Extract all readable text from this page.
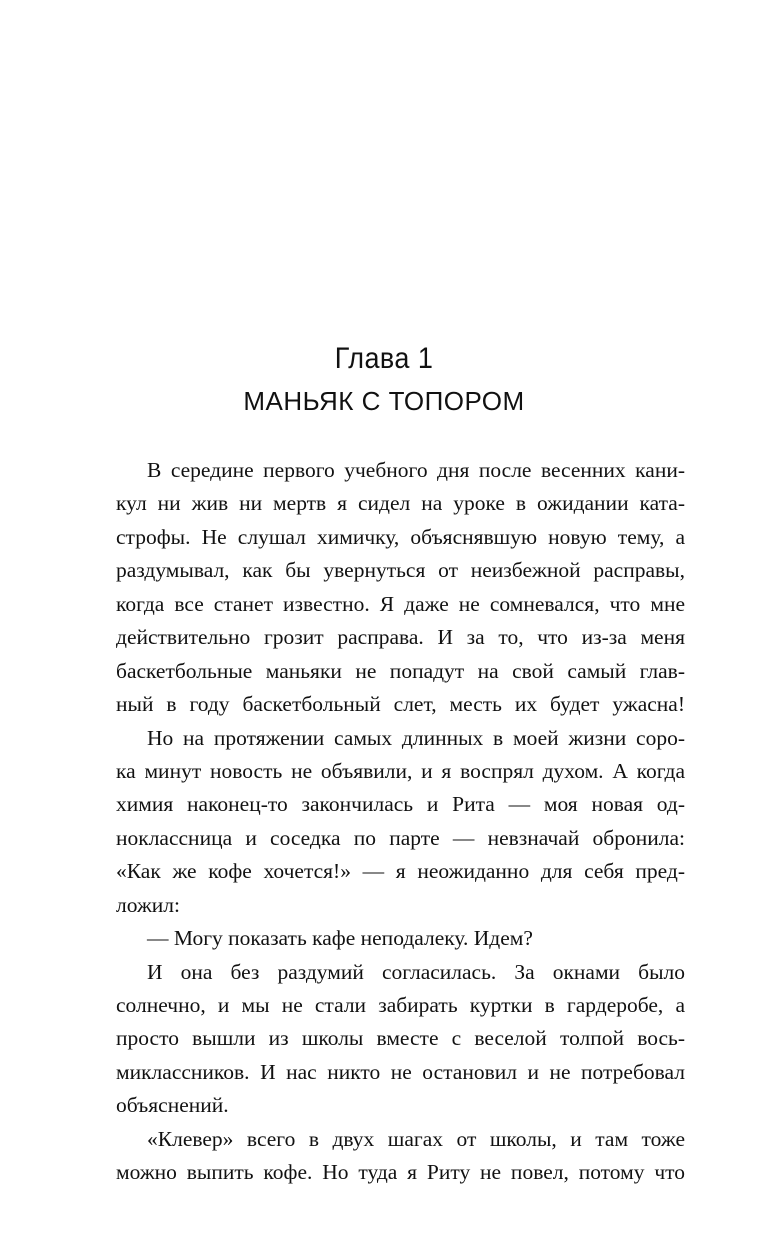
Глава 1
МАНЬЯК С ТОПОРОМ
В середине первого учебного дня после весенних кани-
кул ни жив ни мертв я сидел на уроке в ожидании ката-
строфы. Не слушал химичку, объяснявшую новую тему, а
раздумывал, как бы увернуться от неизбежной расправы,
когда все станет известно. Я даже не сомневался, что мне
действительно грозит расправа. И за то, что из-за меня
баскетбольные маньяки не попадут на свой самый глав-
ный в году баскетбольный слет, месть их будет ужасна!
Но на протяжении самых длинных в моей жизни соро-
ка минут новость не объявили, и я воспрял духом. А когда
химия наконец-то закончилась и Рита — моя новая од-
ноклассница и соседка по парте — невзначай обронила:
«Как же кофе хочется!» — я неожиданно для себя пред-
ложил:
— Могу показать кафе неподалеку. Идем?
И она без раздумий согласилась. За окнами было
солнечно, и мы не стали забирать куртки в гардеробе, а
просто вышли из школы вместе с веселой толпой вось-
миклассников. И нас никто не остановил и не потребовал
объяснений.
«Клевер» всего в двух шагах от школы, и там тоже
можно выпить кофе. Но туда я Риту не повел, потому что
